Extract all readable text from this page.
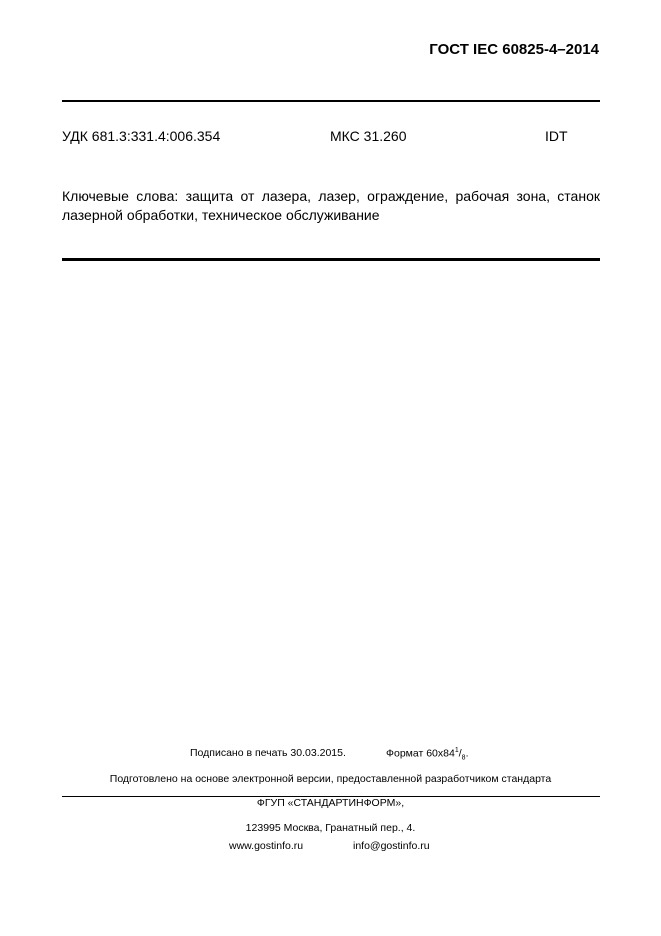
ГОСТ IEC 60825-4–2014
УДК 681.3:331.4:006.354	МКС 31.260	IDT
Ключевые слова: защита от лазера, лазер, ограждение, рабочая зона, станок лазерной обработки, техническое обслуживание
Подписано в печать 30.03.2015.	Формат $60х84^1/_8$.
Подготовлено на основе электронной версии, предоставленной разработчиком стандарта
ФГУП «СТАНДАРТИНФОРМ»,
123995 Москва, Гранатный пер., 4.
www.gostinfo.ru	info@gostinfo.ru
